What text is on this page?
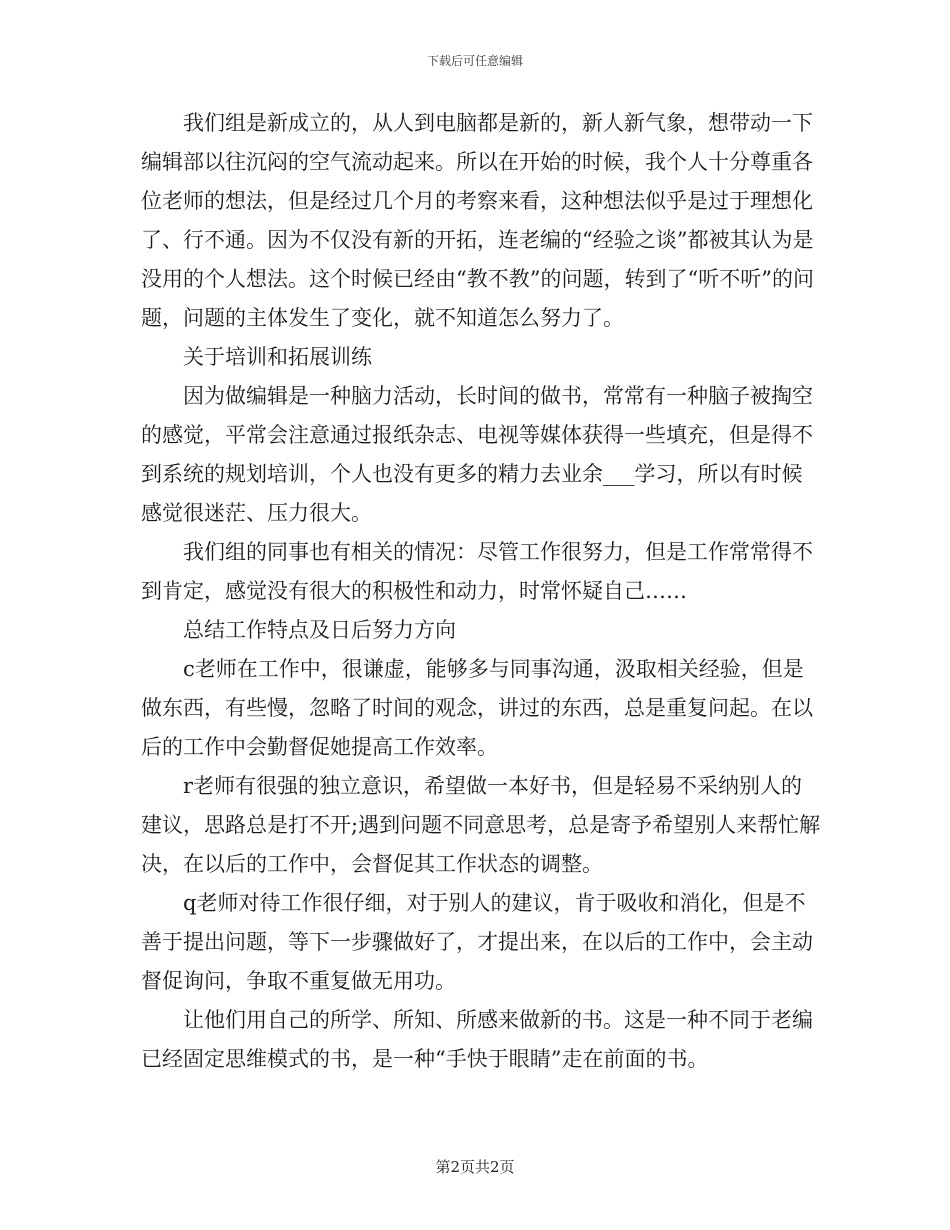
下载后可任意编辑

我们组是新成立的，从人到电脑都是新的，新人新气象，想带动一下编辑部以往沉闷的空气流动起来。所以在开始的时候，我个人十分尊重各位老师的想法，但是经过几个月的考察来看，这种想法似乎是过于理想化了、行不通。因为不仅没有新的开拓，连老编的“经验之谈”都被其认为是没用的个人想法。这个时候已经由“教不教”的问题，转到了“听不听”的问题，问题的主体发生了变化，就不知道怎么努力了。

关于培训和拓展训练

因为做编辑是一种脑力活动，长时间的做书，常常有一种脑子被掏空的感觉，平常会注意通过报纸杂志、电视等媒体获得一些填充，但是得不到系统的规划培训，个人也没有更多的精力去业余___学习，所以有时候感觉很迷茫、压力很大。

我们组的同事也有相关的情况：尽管工作很努力，但是工作常常得不到肯定，感觉没有很大的积极性和动力，时常怀疑自己……

总结工作特点及日后努力方向

c老师在工作中，很谦虚，能够多与同事沟通，汲取相关经验，但是做东西，有些慢，忽略了时间的观念，讲过的东西，总是重复问起。在以后的工作中会勤督促她提高工作效率。

r老师有很强的独立意识，希望做一本好书，但是轻易不采纳别人的建议，思路总是打不开;遇到问题不同意思考，总是寄予希望别人来帮忙解决，在以后的工作中，会督促其工作状态的调整。

q老师对待工作很仔细，对于别人的建议，肯于吸收和消化，但是不善于提出问题，等下一步骤做好了，才提出来，在以后的工作中，会主动督促询问，争取不重复做无用功。

让他们用自己的所学、所知、所感来做新的书。这是一种不同于老编已经固定思维模式的书，是一种“手快于眼睛”走在前面的书。

第2页共2页
